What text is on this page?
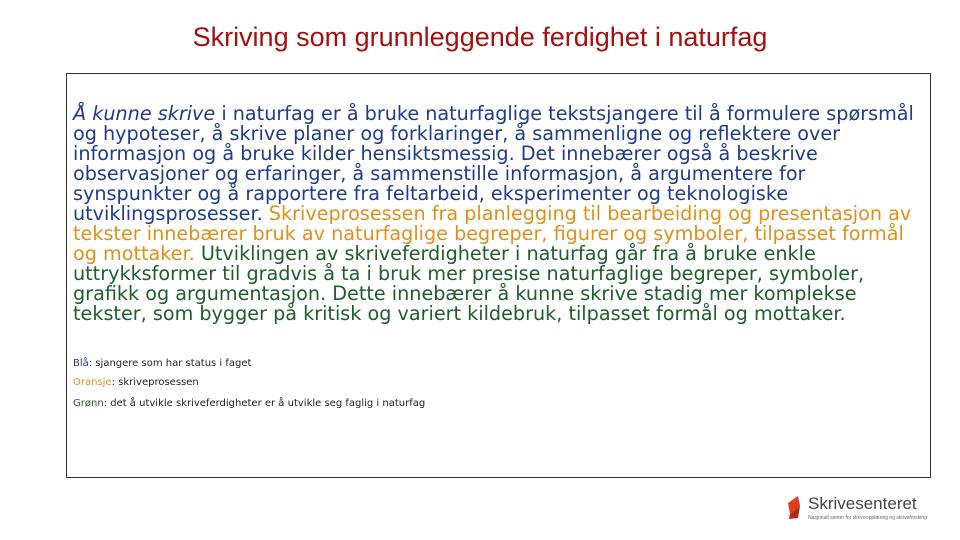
Skriving som grunnleggende ferdighet i naturfag
Å kunne skrive i naturfag er å bruke naturfaglige tekstsjangere til å formulere spørsmål og hypoteser, å skrive planer og forklaringer, å sammenligne og reflektere over informasjon og å bruke kilder hensiktsmessig. Det innebærer også å beskrive observasjoner og erfaringer, å sammenstille informasjon, å argumentere for synspunkter og å rapportere fra feltarbeid, eksperimenter og teknologiske utviklingsprosesser. Skriveprosessen fra planlegging til bearbeiding og presentasjon av tekster innebærer bruk av naturfaglige begreper, figurer og symboler, tilpasset formål og mottaker. Utviklingen av skriveferdigheter i naturfag går fra å bruke enkle uttrykksformer til gradvis å ta i bruk mer presise naturfaglige begreper, symboler, grafikk og argumentasjon. Dette innebærer å kunne skrive stadig mer komplekse tekster, som bygger på kritisk og variert kildebruk, tilpasset formål og mottaker.
Blå: sjangere som har status i faget
Oransje: skriveprosessen
Grønn: det å utvikle skriveferdigheter er å utvikle seg faglig i naturfag
Skrivesenteret
Nasjonalt senter for skriveopplæring og skriveforsking
